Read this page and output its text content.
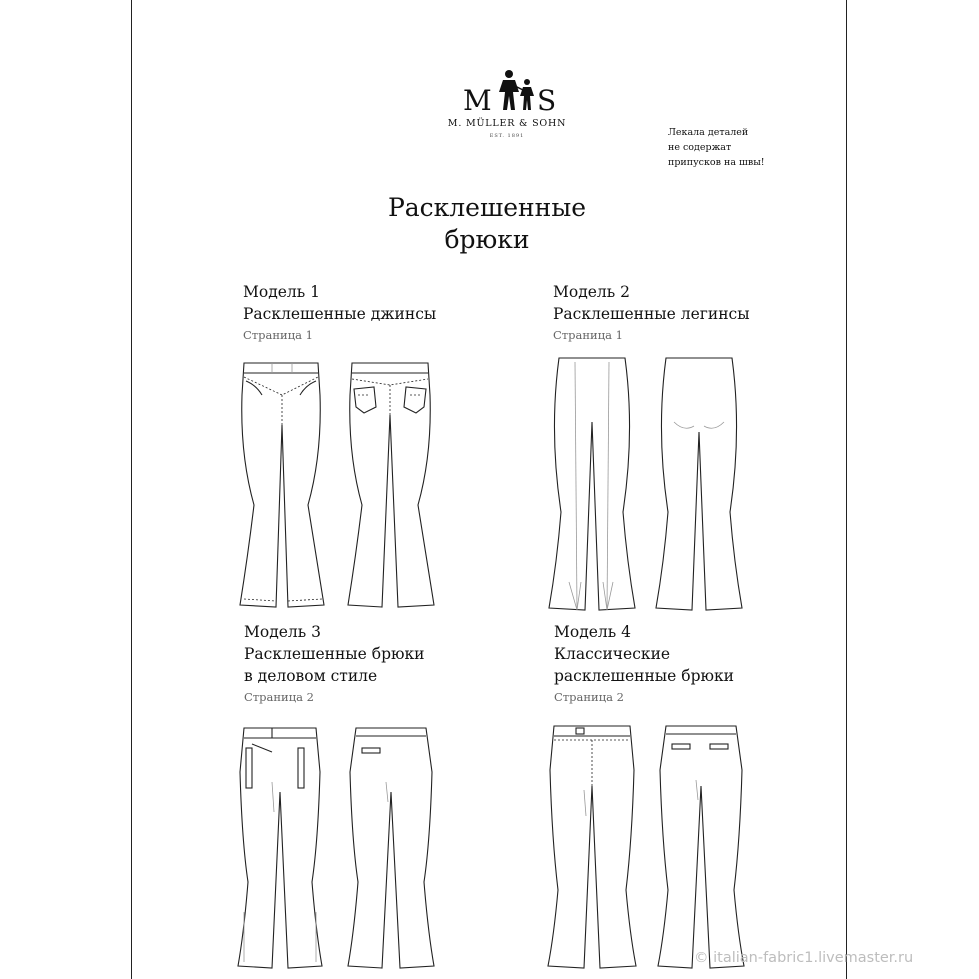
M S
M. MÜLLER & SOHN
EST. 1891	Лекала деталей
не содержат
припусков на швы!
Расклешенные
брюки
Модель 1
Расклешенные джинсы
Страница 1
Модель 2
Расклешенные легинсы
Страница 1
Модель 3
Расклешенные брюки
в деловом стиле
Страница 2
Модель 4
Классические
расклешенные брюки
Страница 2
© italian-fabric1.livemaster.ru
